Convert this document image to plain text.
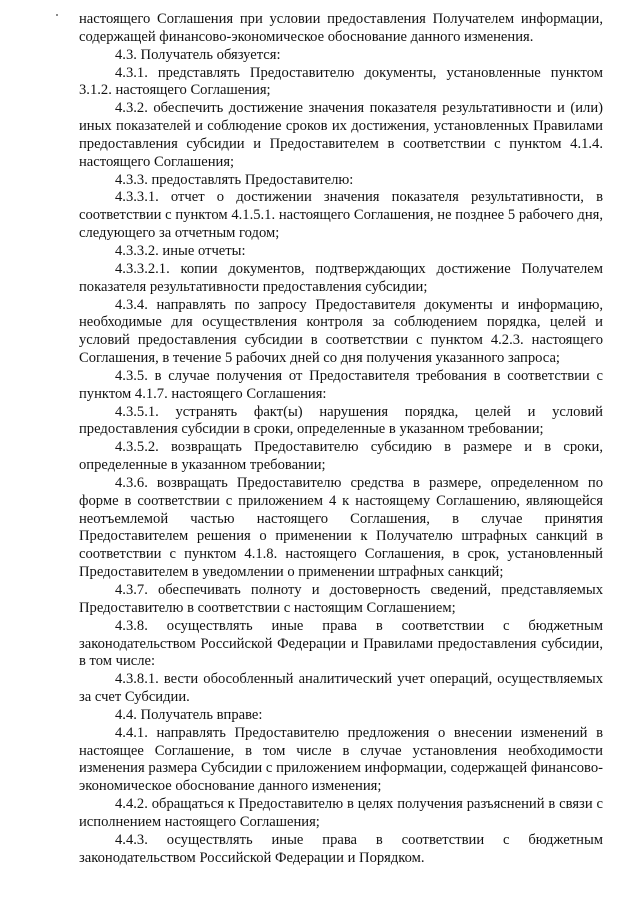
настоящего Соглашения при условии предоставления Получателем информации, содержащей финансово-экономическое обоснование данного изменения.

4.3. Получатель обязуется:

4.3.1. представлять Предоставителю документы, установленные пунктом 3.1.2. настоящего Соглашения;

4.3.2. обеспечить достижение значения показателя результативности и (или) иных показателей и соблюдение сроков их достижения, установленных Правилами предоставления субсидии и Предоставителем в соответствии с пунктом 4.1.4. настоящего Соглашения;

4.3.3. предоставлять Предоставителю:

4.3.3.1. отчет о достижении значения показателя результативности, в соответствии с пунктом 4.1.5.1. настоящего Соглашения, не позднее 5 рабочего дня, следующего за отчетным годом;

4.3.3.2. иные отчеты:

4.3.3.2.1. копии документов, подтверждающих достижение Получателем показателя результативности предоставления субсидии;

4.3.4. направлять по запросу Предоставителя документы и информацию, необходимые для осуществления контроля за соблюдением порядка, целей и условий предоставления субсидии в соответствии с пунктом 4.2.3. настоящего Соглашения, в течение 5 рабочих дней со дня получения указанного запроса;

4.3.5. в случае получения от Предоставителя требования в соответствии с пунктом 4.1.7. настоящего Соглашения:

4.3.5.1. устранять факт(ы) нарушения порядка, целей и условий предоставления субсидии в сроки, определенные в указанном требовании;

4.3.5.2. возвращать Предоставителю субсидию в размере и в сроки, определенные в указанном требовании;

4.3.6. возвращать Предоставителю средства в размере, определенном по форме в соответствии с приложением 4 к настоящему Соглашению, являющейся неотъемлемой частью настоящего Соглашения, в случае принятия Предоставителем решения о применении к Получателю штрафных санкций в соответствии с пунктом 4.1.8. настоящего Соглашения, в срок, установленный Предоставителем в уведомлении о применении штрафных санкций;

4.3.7. обеспечивать полноту и достоверность сведений, представляемых Предоставителю в соответствии с настоящим Соглашением;

4.3.8. осуществлять иные права в соответствии с бюджетным законодательством Российской Федерации и Правилами предоставления субсидии, в том числе:

4.3.8.1. вести обособленный аналитический учет операций, осуществляемых за счет Субсидии.

4.4. Получатель вправе:

4.4.1. направлять Предоставителю предложения о внесении изменений в настоящее Соглашение, в том числе в случае установления необходимости изменения размера Субсидии с приложением информации, содержащей финансово-экономическое обоснование данного изменения;

4.4.2. обращаться к Предоставителю в целях получения разъяснений в связи с исполнением настоящего Соглашения;

4.4.3. осуществлять иные права в соответствии с бюджетным законодательством Российской Федерации и Порядком.
